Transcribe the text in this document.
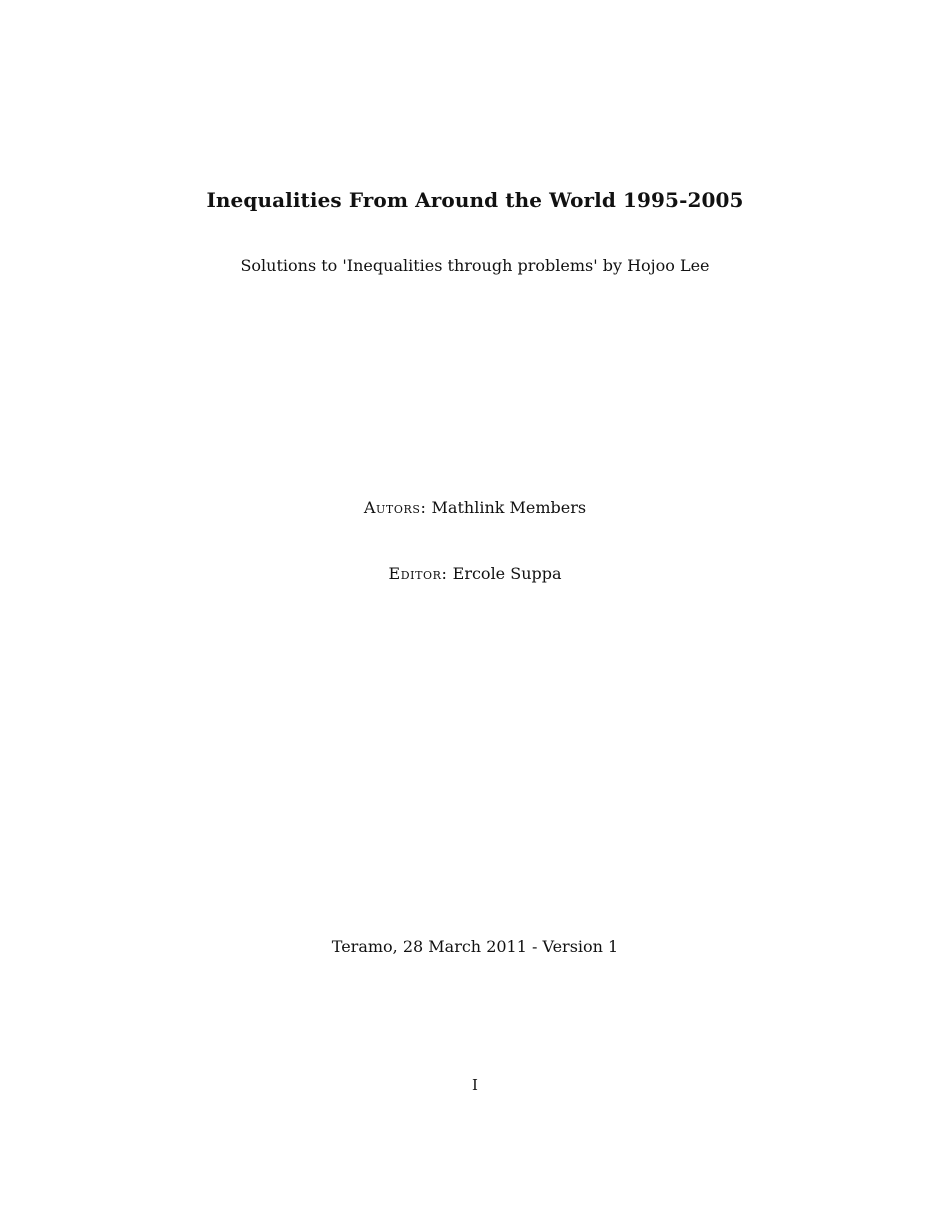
Inequalities From Around the World 1995-2005
Solutions to 'Inequalities through problems' by Hojoo Lee
Autors: Mathlink Members
Editor: Ercole Suppa
Teramo, 28 March 2011 - Version 1
I
